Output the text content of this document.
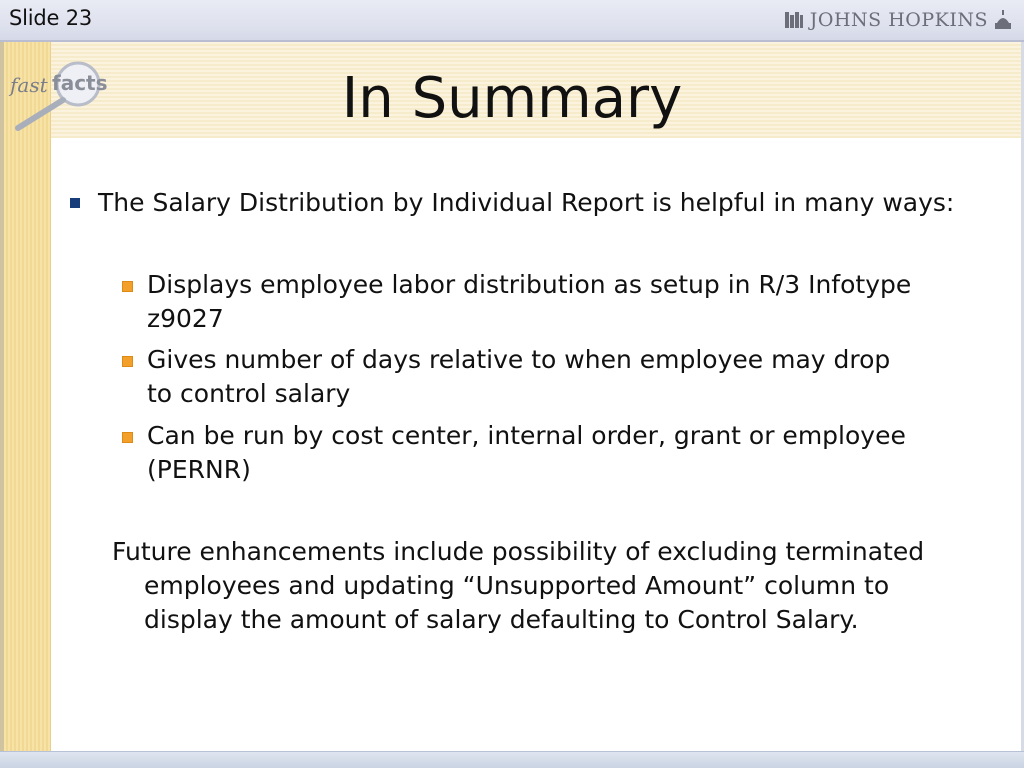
Slide 23	JOHNS HOPKINS
fast facts	In Summary
The Salary Distribution by Individual Report is helpful in many ways:
Displays employee labor distribution as setup in R/3 Infotype z9027
Gives number of days relative to when employee may drop to control salary
Can be run by cost center, internal order, grant or employee (PERNR)
Future enhancements include possibility of excluding terminated employees and updating “Unsupported Amount” column to display the amount of salary defaulting to Control Salary.
